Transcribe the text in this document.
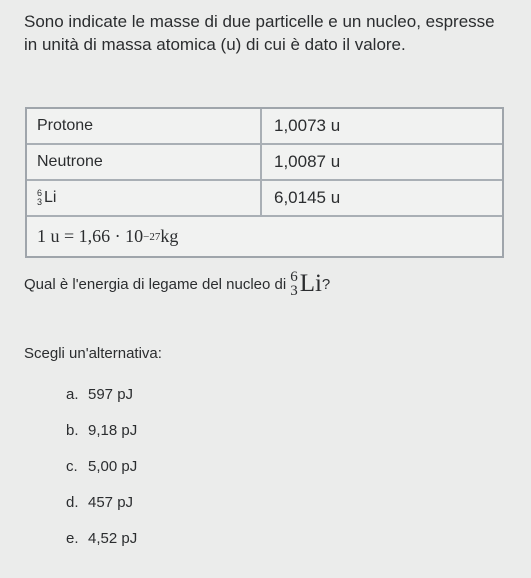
Sono indicate le masse di due particelle e un nucleo, espresse in unità di massa atomica (u) di cui è dato il valore.
Protone	1,0073 u
Neutrone	1,0087 u
6
3 Li	6,0145 u
1 u = 1,66 · 10 −27 kg
Qual è l'energia di legame del nucleo di 6
3 Li ?
Scegli un'alternativa:
a. 597 pJ
b. 9,18 pJ
c. 5,00 pJ
d. 457 pJ
e. 4,52 pJ
